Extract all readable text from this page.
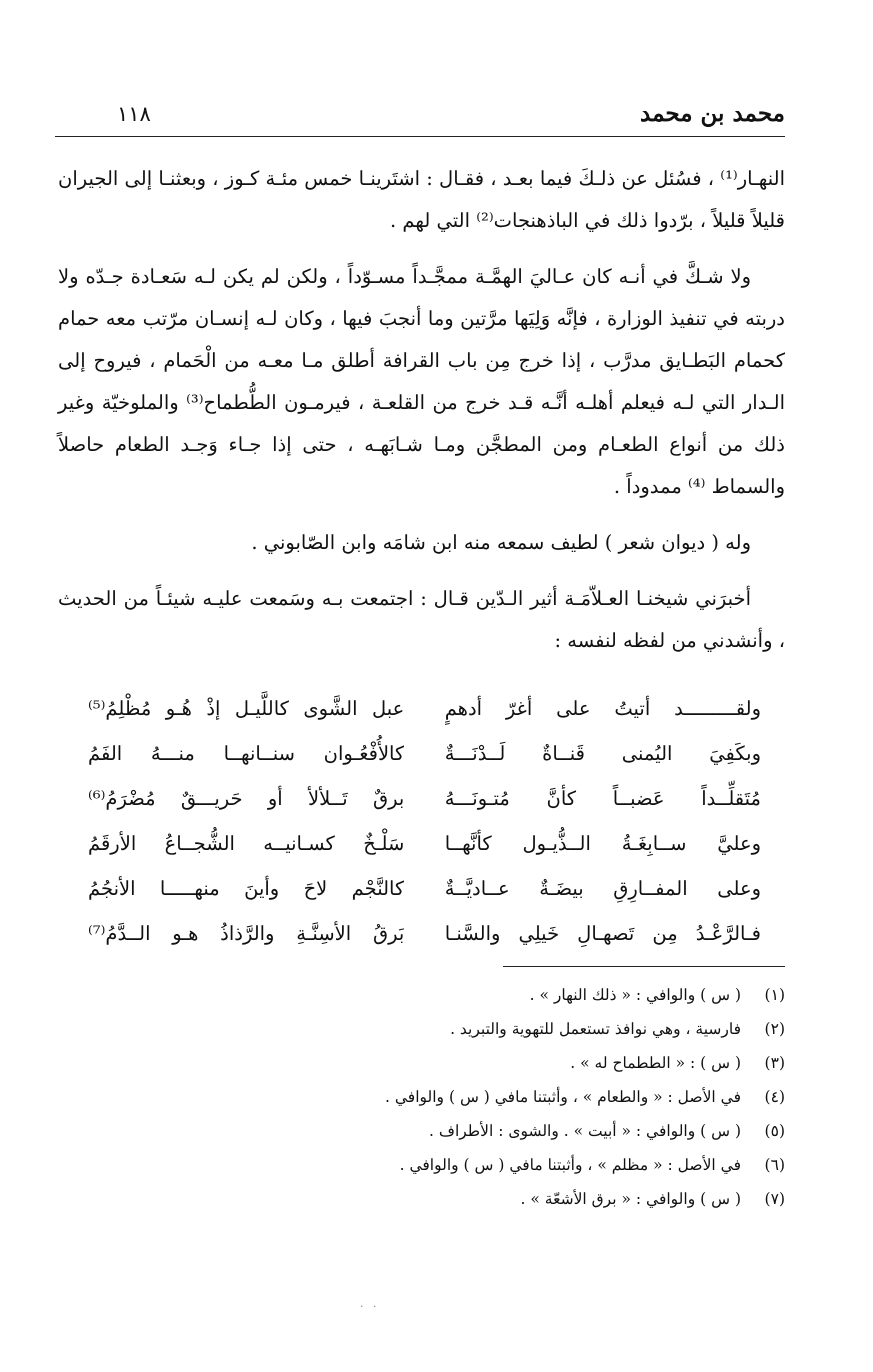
محمد بن محمد
١١٨

النهـار⁽¹⁾ ، فسُئل عن ذلـكَ فيما بعـد ، فقـال : اشتَرينـا خمس مئـة كـوز ، وبعثنـا إلى الجيران قليلاً قليلاً ، برّدوا ذلك في الباذهنجات⁽²⁾ التي لهم .

ولا شـكَّ في أنـه كان عـاليَ الهمَّـة ممجَّـداً مسـوّداً ، ولكن لم يكن لـه سَعـادة جـدّه ولا دربته في تنفيذ الوزارة ، فإنَّه وَلِيَها مرَّتين وما أنجبَ فيها ، وكان لـه إنسـان مرّتب معه حمام كحمام البَطـايق مدرَّب ، إذا خرج مِن باب القرافة أطلق مـا معـه من الْحَمام ، فيروح إلى الـدار التي لـه فيعلم أهلـه أنَّـه قـد خرج من القلعـة ، فيرمـون الطُّطماح⁽³⁾ والملوخيّة وغير ذلك من أنواع الطعـام ومن المطجَّن ومـا شـابَهـه ، حتى إذا جـاء وَجـد الطعام حاصلاً والسماط ⁽⁴⁾ ممدوداً .

وله ( ديوان شعر ) لطيف سمعه منه ابن شامَه وابن الصّابوني .

أخبرَني شيخنـا العـلاّمَـة أثير الـدّين قـال : اجتمعت بـه وسَمعت عليـه شيئـاً من الحديث ، وأنشدني من لفظه لنفسه :

ولقـــــــــد أتيتُ على أغرّ أدهمٍ
عبل الشَّوى كاللَّيـل إذْ هُـو مُظْلِمُ⁽⁵⁾
وبكَفِيَ اليُمنى قَنــاةٌ لَــدْنَـــةٌ
كالأُفْعُـوان سنــانهــا منـــهُ الفَمُ
مُتَقلِّــداً عَضبــاً كأنَّ مُتـونَـــهُ
برقٌ تَــلألأ أو حَريـــقٌ مُضْرَمُ⁽⁶⁾
وعليَّ ســابِغَـةُ الــذُّيـول كأنَّهــا
سَلْـخٌ كسـانيــه الشُّجــاعُ الأرقَمُ
وعلى المفــارِقِ بيضَـةٌ عــاديَّــةٌ
كالنَّجْم لاحَ وأينَ منهـــــا الأنجُمُ
فـالرَّعْـدُ مِن تَصهـالِ خَيلِي والسَّنـا
بَرقُ الأسِنَّـةِ والرَّذاذُ هـو الــدَّمُ⁽⁷⁾
(١)
( س ) والوافي : « ذلك النهار » .
(٢)
فارسية ، وهي نوافذ تستعمل للتهوية والتبريد .
(٣)
( س ) : « الططماح له » .
(٤)
في الأصل : « والطعام » ، وأثبتنا مافي ( س ) والوافي .
(٥)
( س ) والوافي : « أبيت » . والشوى : الأطراف .
(٦)
في الأصل : « مظلم » ، وأثبتنا مافي ( س ) والوافي .
(٧)
( س ) والوافي : « برق الأشعّة » .
· ·
